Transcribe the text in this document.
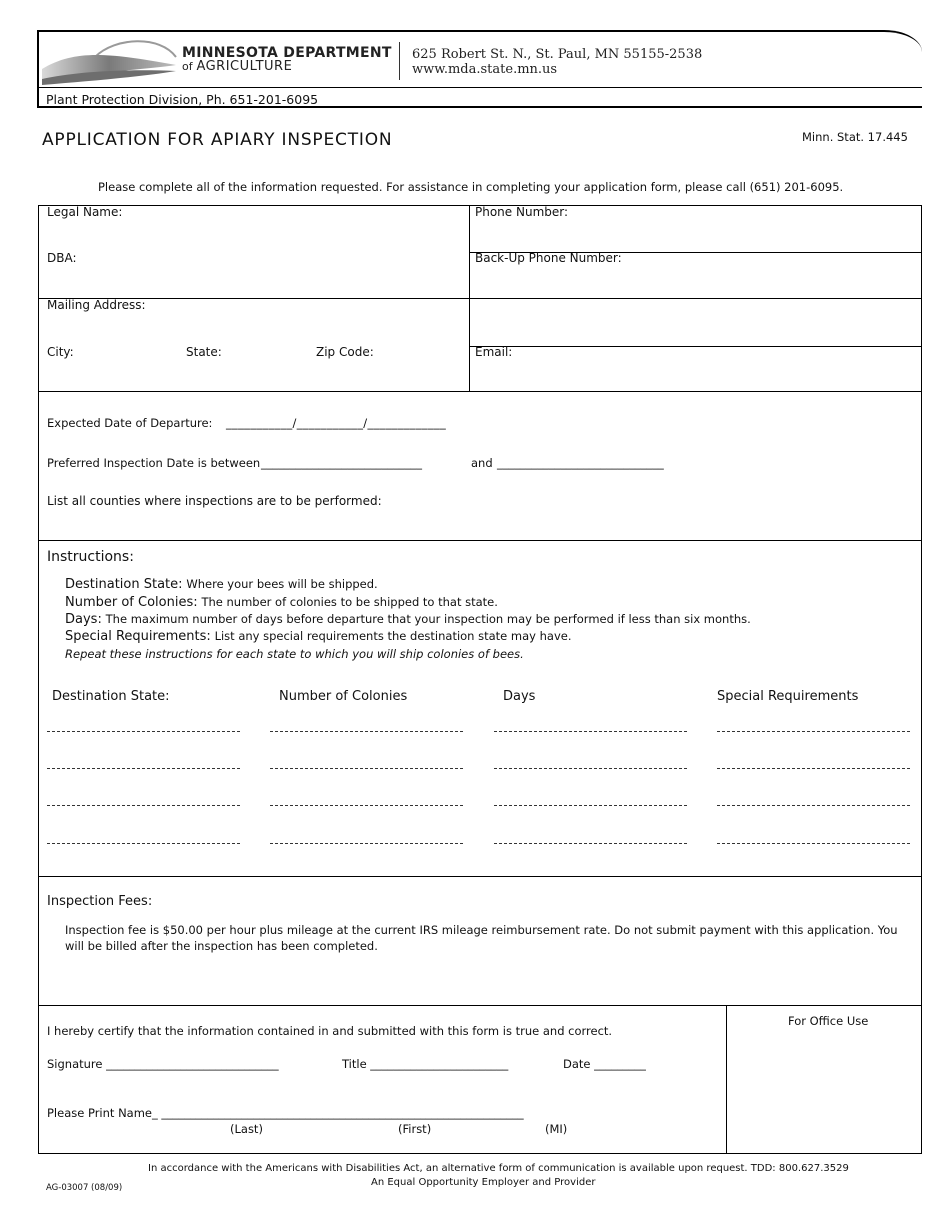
MINNESOTA DEPARTMENT
of AGRICULTURE
625 Robert St. N., St. Paul, MN 55155-2538
www.mda.state.mn.us
Plant Protection Division, Ph. 651-201-6095
APPLICATION FOR APIARY INSPECTION	Minn. Stat. 17.445
Please complete all of the information requested. For assistance in completing your application form, please call (651) 201-6095.
Legal Name:	Phone Number:
DBA:	Back-Up Phone Number:
Mailing Address:
City:	State:	Zip Code:	Email:
Expected Date of Departure: ___________/___________/_____________
Preferred Inspection Date is between ____________________________	and _____________________________
List all counties where inspections are to be performed:
Instructions:
Destination State: Where your bees will be shipped.
Number of Colonies: The number of colonies to be shipped to that state.
Days: The maximum number of days before departure that your inspection may be performed if less than six months.
Special Requirements: List any special requirements the destination state may have.
Repeat these instructions for each state to which you will ship colonies of bees.
Destination State:	Number of Colonies	Days	Special Requirements
Inspection Fees:
Inspection fee is $50.00 per hour plus mileage at the current IRS mileage reimbursement rate. Do not submit payment with this application. You
will be billed after the inspection has been completed.
I hereby certify that the information contained in and submitted with this form is true and correct.
Signature ______________________________	Title ________________________	Date _________
Please Print Name_ _______________________________________________________________
(Last)	(First)	(MI)
For Office Use
In accordance with the Americans with Disabilities Act, an alternative form of communication is available upon request. TDD: 800.627.3529
An Equal Opportunity Employer and Provider
AG-03007 (08/09)
